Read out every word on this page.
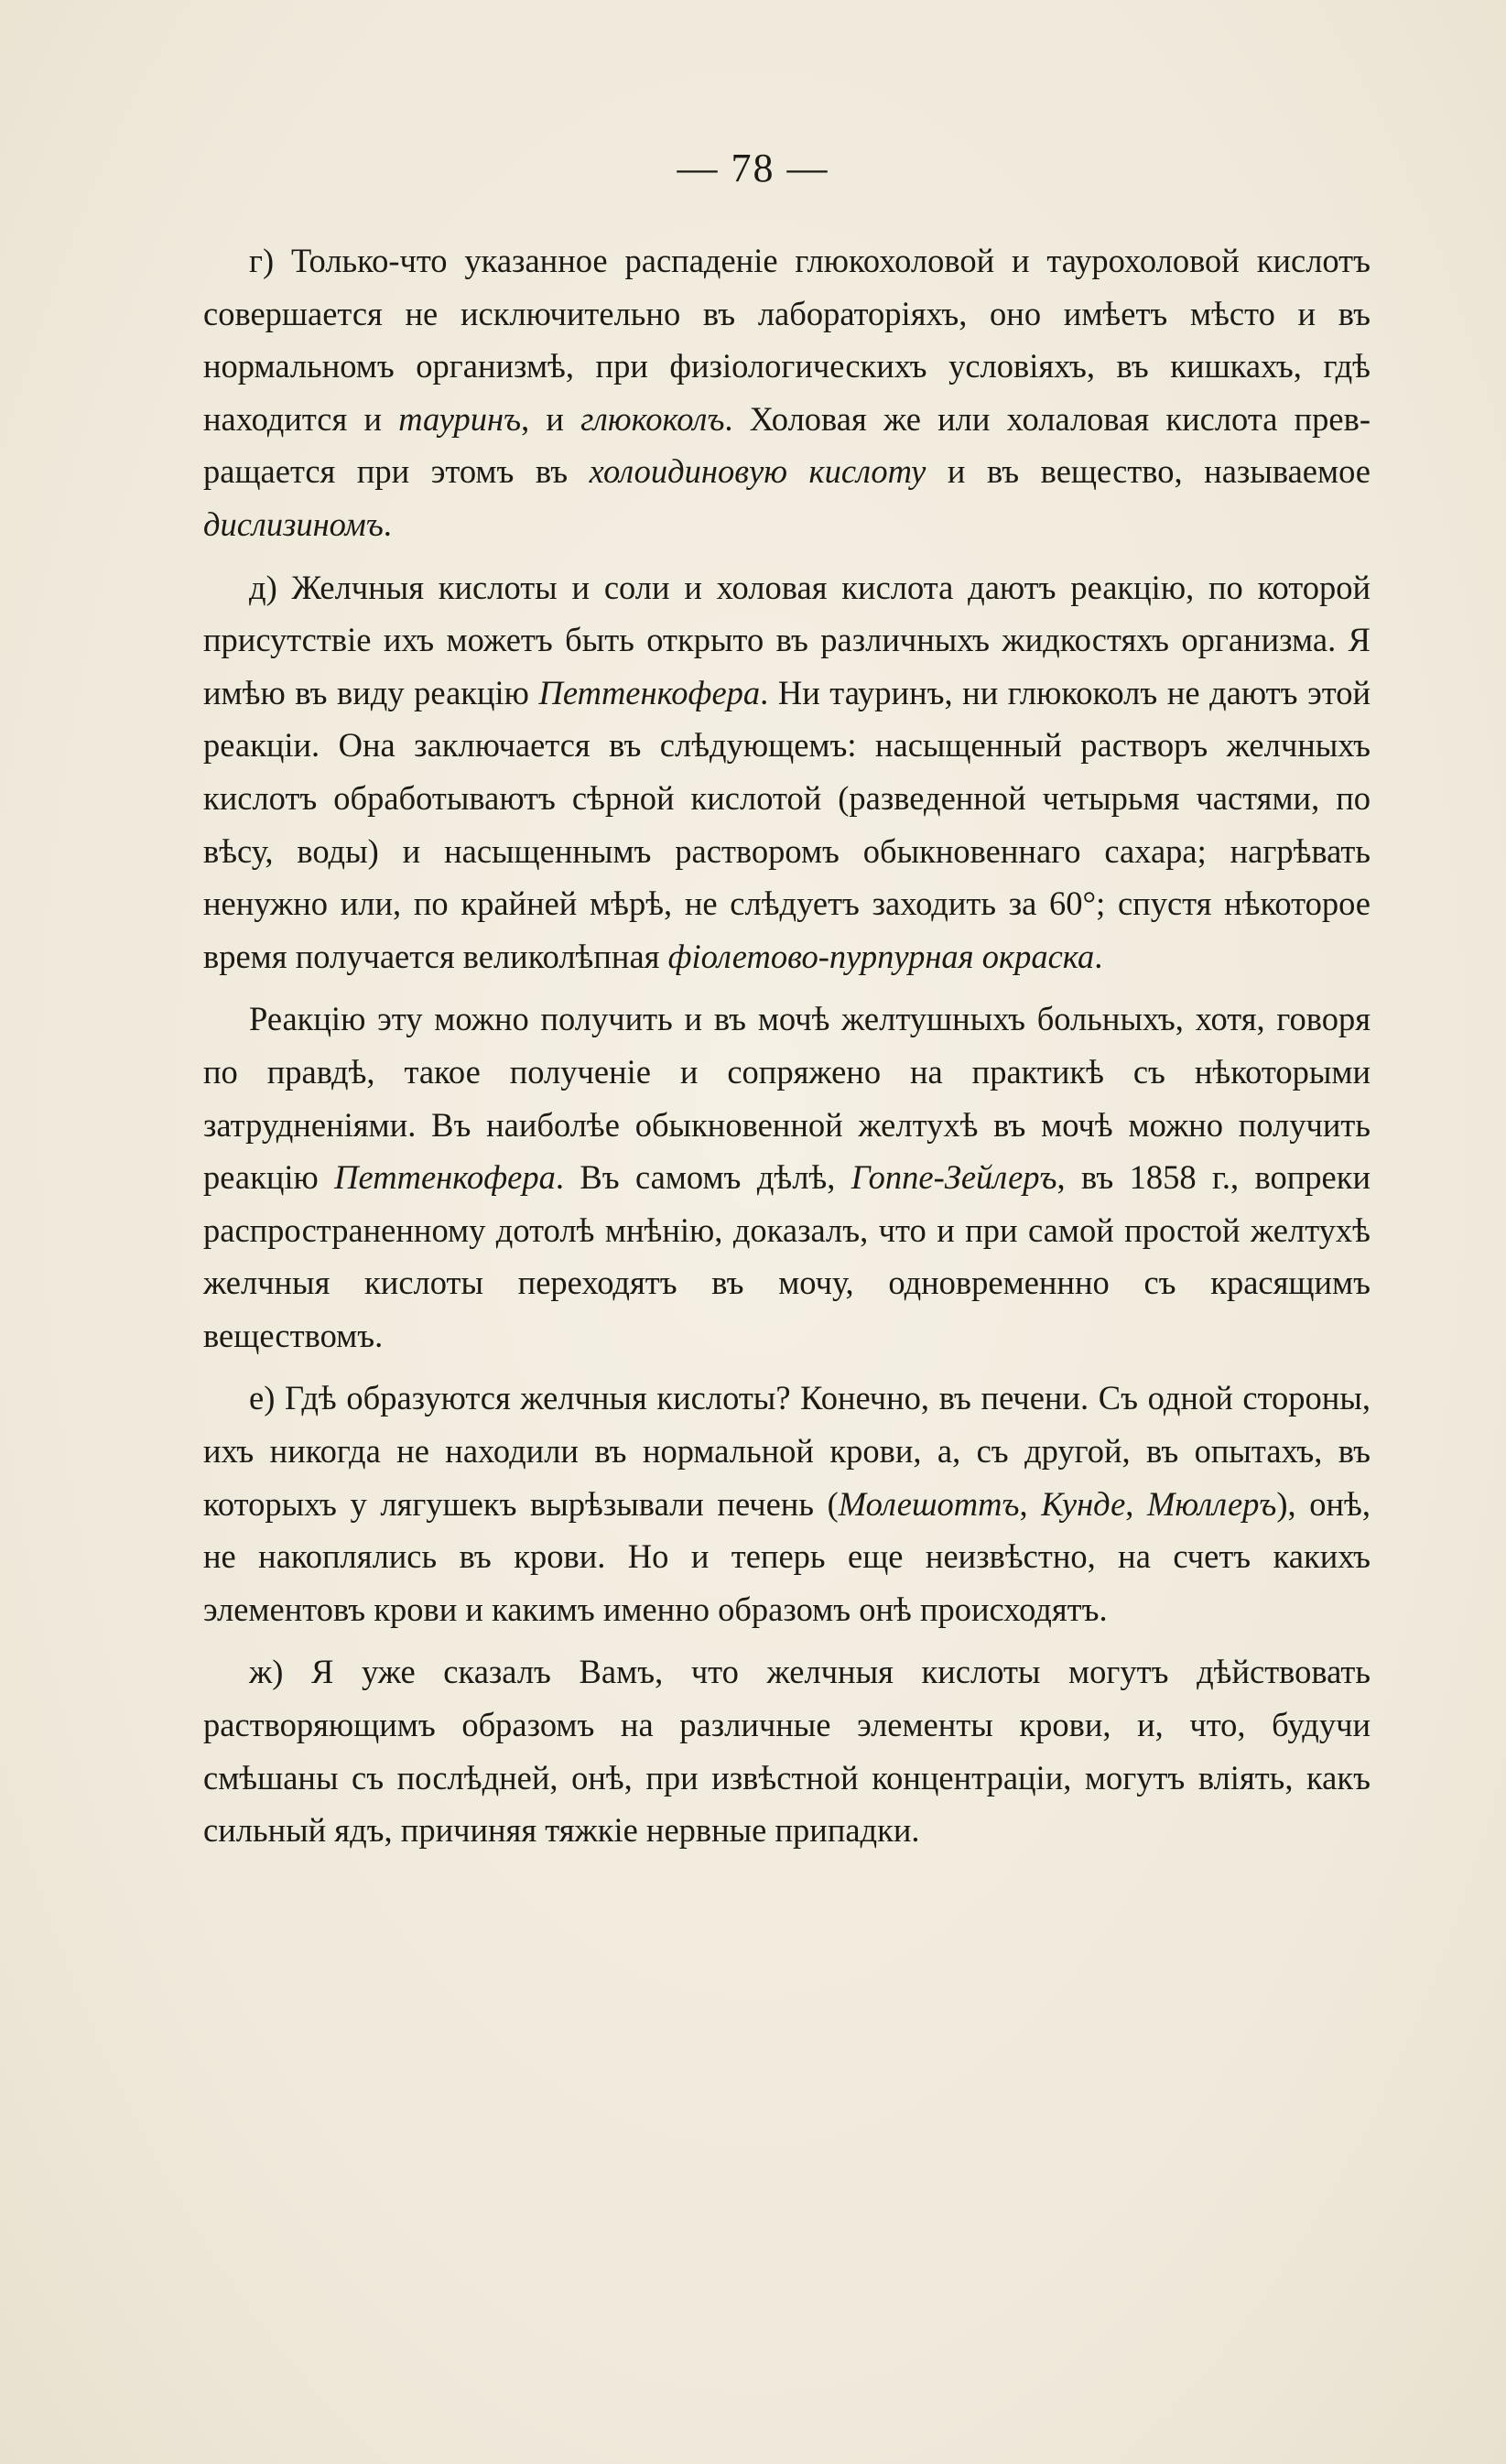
— 78 —

г) Только-что указанное распаденіе глюкохоловой и таурохоловой кислотъ совершается не исключительно въ лабораторіяхъ, оно имѣетъ мѣсто и въ нормальномъ организмѣ, при физіологическихъ условіяхъ, въ кишкахъ, гдѣ находится и тауринъ, и глюкоколъ. Холовая же или холаловая кислота превращается при этомъ въ холоидиновую кислоту и въ вещество, называемое дислизиномъ.

д) Желчныя кислоты и соли и холовая кислота даютъ реакцію, по которой присутствіе ихъ можетъ быть открыто въ различныхъ жидкостяхъ организма. Я имѣю въ виду реакцію Петтенкофера. Ни тауринъ, ни глюкоколъ не даютъ этой реакціи. Она заключается въ слѣдующемъ: насыщенный растворъ желчныхъ кислотъ обработываютъ сѣрной кислотой (разведенной четырьмя частями, по вѣсу, воды) и насыщеннымъ растворомъ обыкновеннаго сахара; нагрѣвать ненужно или, по крайней мѣрѣ, не слѣдуетъ заходить за 60°; спустя нѣкоторое время получается великолѣпная фіолетово-пурпурная окраска.

Реакцію эту можно получить и въ мочѣ желтушныхъ больныхъ, хотя, говоря по правдѣ, такое полученіе и сопряжено на практикѣ съ нѣкоторыми затрудненіями. Въ наиболѣе обыкновенной желтухѣ въ мочѣ можно получить реакцію Петтенкофера. Въ самомъ дѣлѣ, Гоппе-Зейлеръ, въ 1858 г., вопреки распространенному дотолѣ мнѣнію, доказалъ, что и при самой простой желтухѣ желчныя кислоты переходятъ въ мочу, одновременнно съ красящимъ веществомъ.

е) Гдѣ образуются желчныя кислоты? Конечно, въ печени. Съ одной стороны, ихъ никогда не находили въ нормальной крови, а, съ другой, въ опытахъ, въ которыхъ у лягушекъ вырѣзывали печень (Молешоттъ, Кунде, Мюллеръ), онѣ, не накоплялись въ крови. Но и теперь еще неизвѣстно, на счетъ какихъ элементовъ крови и какимъ именно образомъ онѣ происходятъ.

ж) Я уже сказалъ Вамъ, что желчныя кислоты могутъ дѣйствовать растворяющимъ образомъ на различные элементы крови, и, что, будучи смѣшаны съ послѣдней, онѣ, при извѣстной концентраціи, могутъ вліять, какъ сильный ядъ, причиняя тяжкіе нервные припадки.
